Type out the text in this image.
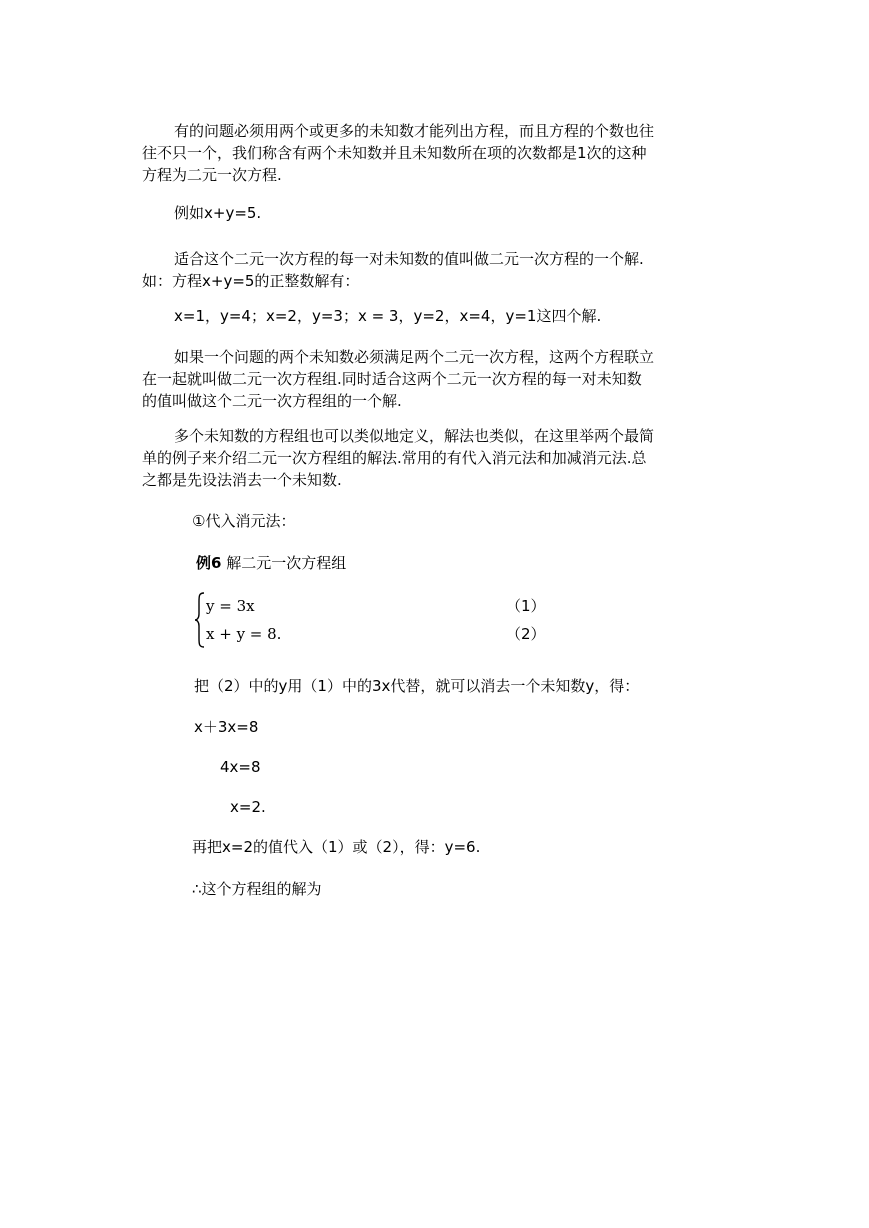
有的问题必须用两个或更多的未知数才能列出方程，而且方程的个数也往
往不只一个，我们称含有两个未知数并且未知数所在项的次数都是1次的这种
方程为二元一次方程.
例如x+y=5.
适合这个二元一次方程的每一对未知数的值叫做二元一次方程的一个解.
如：方程x+y=5的正整数解有：
x=1，y=4；x=2，y=3；x = 3，y=2，x=4，y=1这四个解.
如果一个问题的两个未知数必须满足两个二元一次方程，这两个方程联立
在一起就叫做二元一次方程组.同时适合这两个二元一次方程的每一对未知数
的值叫做这个二元一次方程组的一个解.
多个未知数的方程组也可以类似地定义，解法也类似，在这里举两个最简
单的例子来介绍二元一次方程组的解法.常用的有代入消元法和加减消元法.总
之都是先设法消去一个未知数.
①代入消元法：
例6 解二元一次方程组
y = 3x	（1）
x + y = 8.	（2）
把（2）中的y用（1）中的3x代替，就可以消去一个未知数y，得：
x＋3x=8
4x=8
x=2.
再把x=2的值代入（1）或（2），得：y=6.
∴这个方程组的解为
